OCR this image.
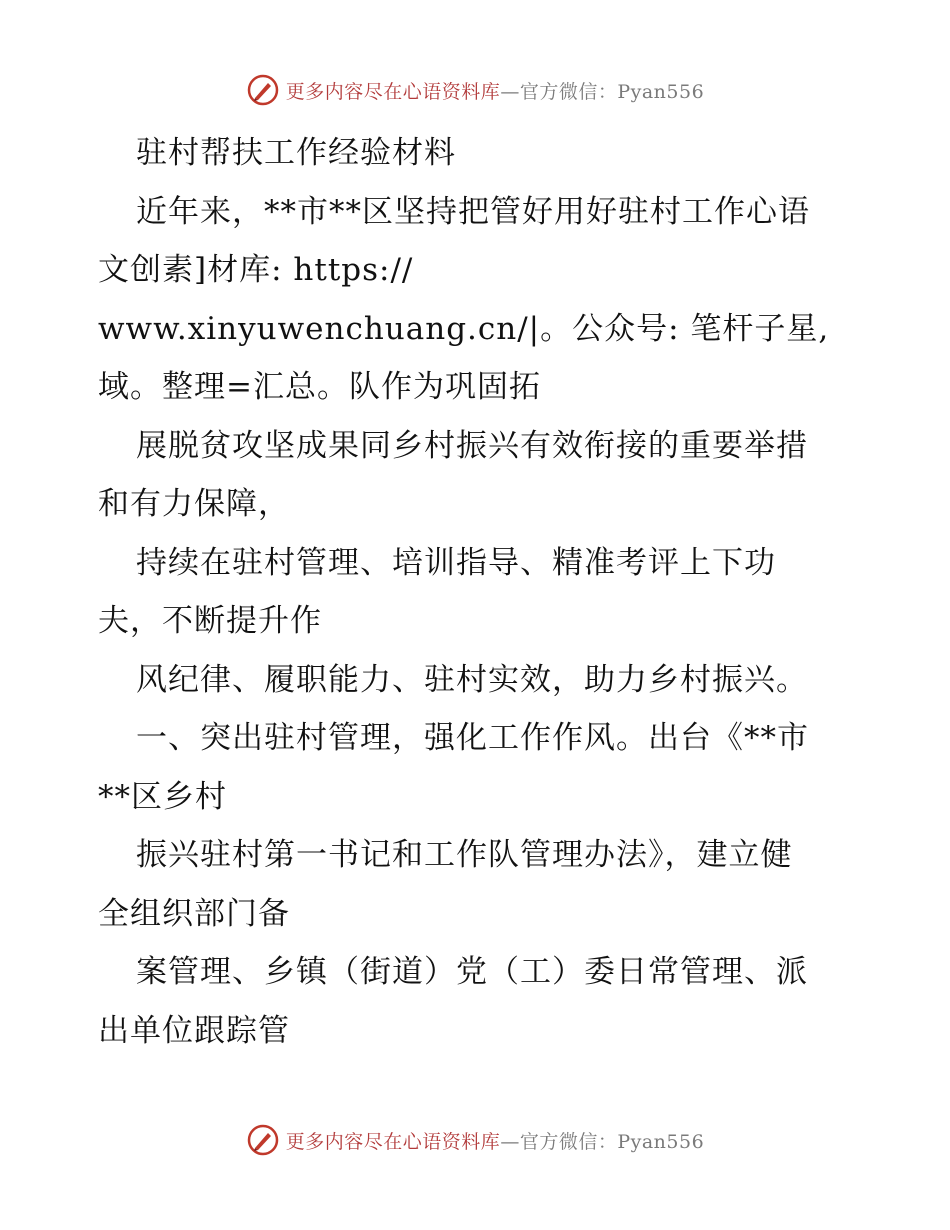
更多内容尽在心语资料库—官方微信：Pyan556
驻村帮扶工作经验材料
近年来，**市**区坚持把管好用好驻村工作心语
文创素]材库: https://
www.xinyuwenchuang.cn/|。公众号: 笔杆子星,
域。整理=汇总。队作为巩固拓
展脱贫攻坚成果同乡村振兴有效衔接的重要举措
和有力保障，
持续在驻村管理、培训指导、精准考评上下功
夫，不断提升作
风纪律、履职能力、驻村实效，助力乡村振兴。
一、突出驻村管理，强化工作作风。出台《**市
**区乡村
振兴驻村第一书记和工作队管理办法》，建立健
全组织部门备
案管理、乡镇（街道）党（工）委日常管理、派
出单位跟踪管
更多内容尽在心语资料库—官方微信：Pyan556
